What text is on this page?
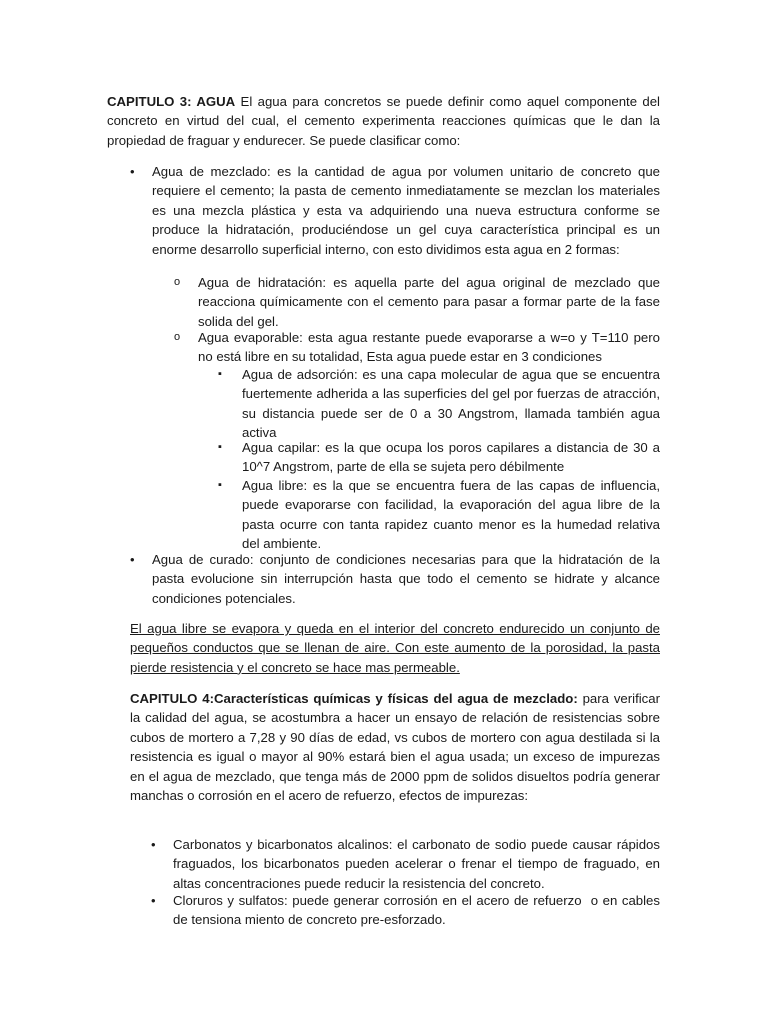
CAPITULO 3: AGUA El agua para concretos se puede definir como aquel componente del concreto en virtud del cual, el cemento experimenta reacciones químicas que le dan la propiedad de fraguar y endurecer. Se puede clasificar como:

• Agua de mezclado: es la cantidad de agua por volumen unitario de concreto que requiere el cemento; la pasta de cemento inmediatamente se mezclan los materiales es una mezcla plástica y esta va adquiriendo una nueva estructura conforme se produce la hidratación, produciéndose un gel cuya característica principal es un enorme desarrollo superficial interno, con esto dividimos esta agua en 2 formas:

o Agua de hidratación: es aquella parte del agua original de mezclado que reacciona químicamente con el cemento para pasar a formar parte de la fase solida del gel.

o Agua evaporable: esta agua restante puede evaporarse a w=o y T=110 pero no está libre en su totalidad, Esta agua puede estar en 3 condiciones

▪ Agua de adsorción: es una capa molecular de agua que se encuentra fuertemente adherida a las superficies del gel por fuerzas de atracción, su distancia puede ser de 0 a 30 Angstrom, llamada también agua activa

▪ Agua capilar: es la que ocupa los poros capilares a distancia de 30 a 10^7 Angstrom, parte de ella se sujeta pero débilmente

▪ Agua libre: es la que se encuentra fuera de las capas de influencia, puede evaporarse con facilidad, la evaporación del agua libre de la pasta ocurre con tanta rapidez cuanto menor es la humedad relativa del ambiente.

• Agua de curado: conjunto de condiciones necesarias para que la hidratación de la pasta evolucione sin interrupción hasta que todo el cemento se hidrate y alcance condiciones potenciales.

El agua libre se evapora y queda en el interior del concreto endurecido un conjunto de pequeños conductos que se llenan de aire. Con este aumento de la porosidad, la pasta pierde resistencia y el concreto se hace mas permeable.

CAPITULO 4:Características químicas y físicas del agua de mezclado: para verificar la calidad del agua, se acostumbra a hacer un ensayo de relación de resistencias sobre cubos de mortero a 7,28 y 90 días de edad, vs cubos de mortero con agua destilada si la resistencia es igual o mayor al 90% estará bien el agua usada; un exceso de impurezas en el agua de mezclado, que tenga más de 2000 ppm de solidos disueltos podría generar manchas o corrosión en el acero de refuerzo, efectos de impurezas:

• Carbonatos y bicarbonatos alcalinos: el carbonato de sodio puede causar rápidos fraguados, los bicarbonatos pueden acelerar o frenar el tiempo de fraguado, en altas concentraciones puede reducir la resistencia del concreto.

• Cloruros y sulfatos: puede generar corrosión en el acero de refuerzo  o en cables de tensiona miento de concreto pre-esforzado.
